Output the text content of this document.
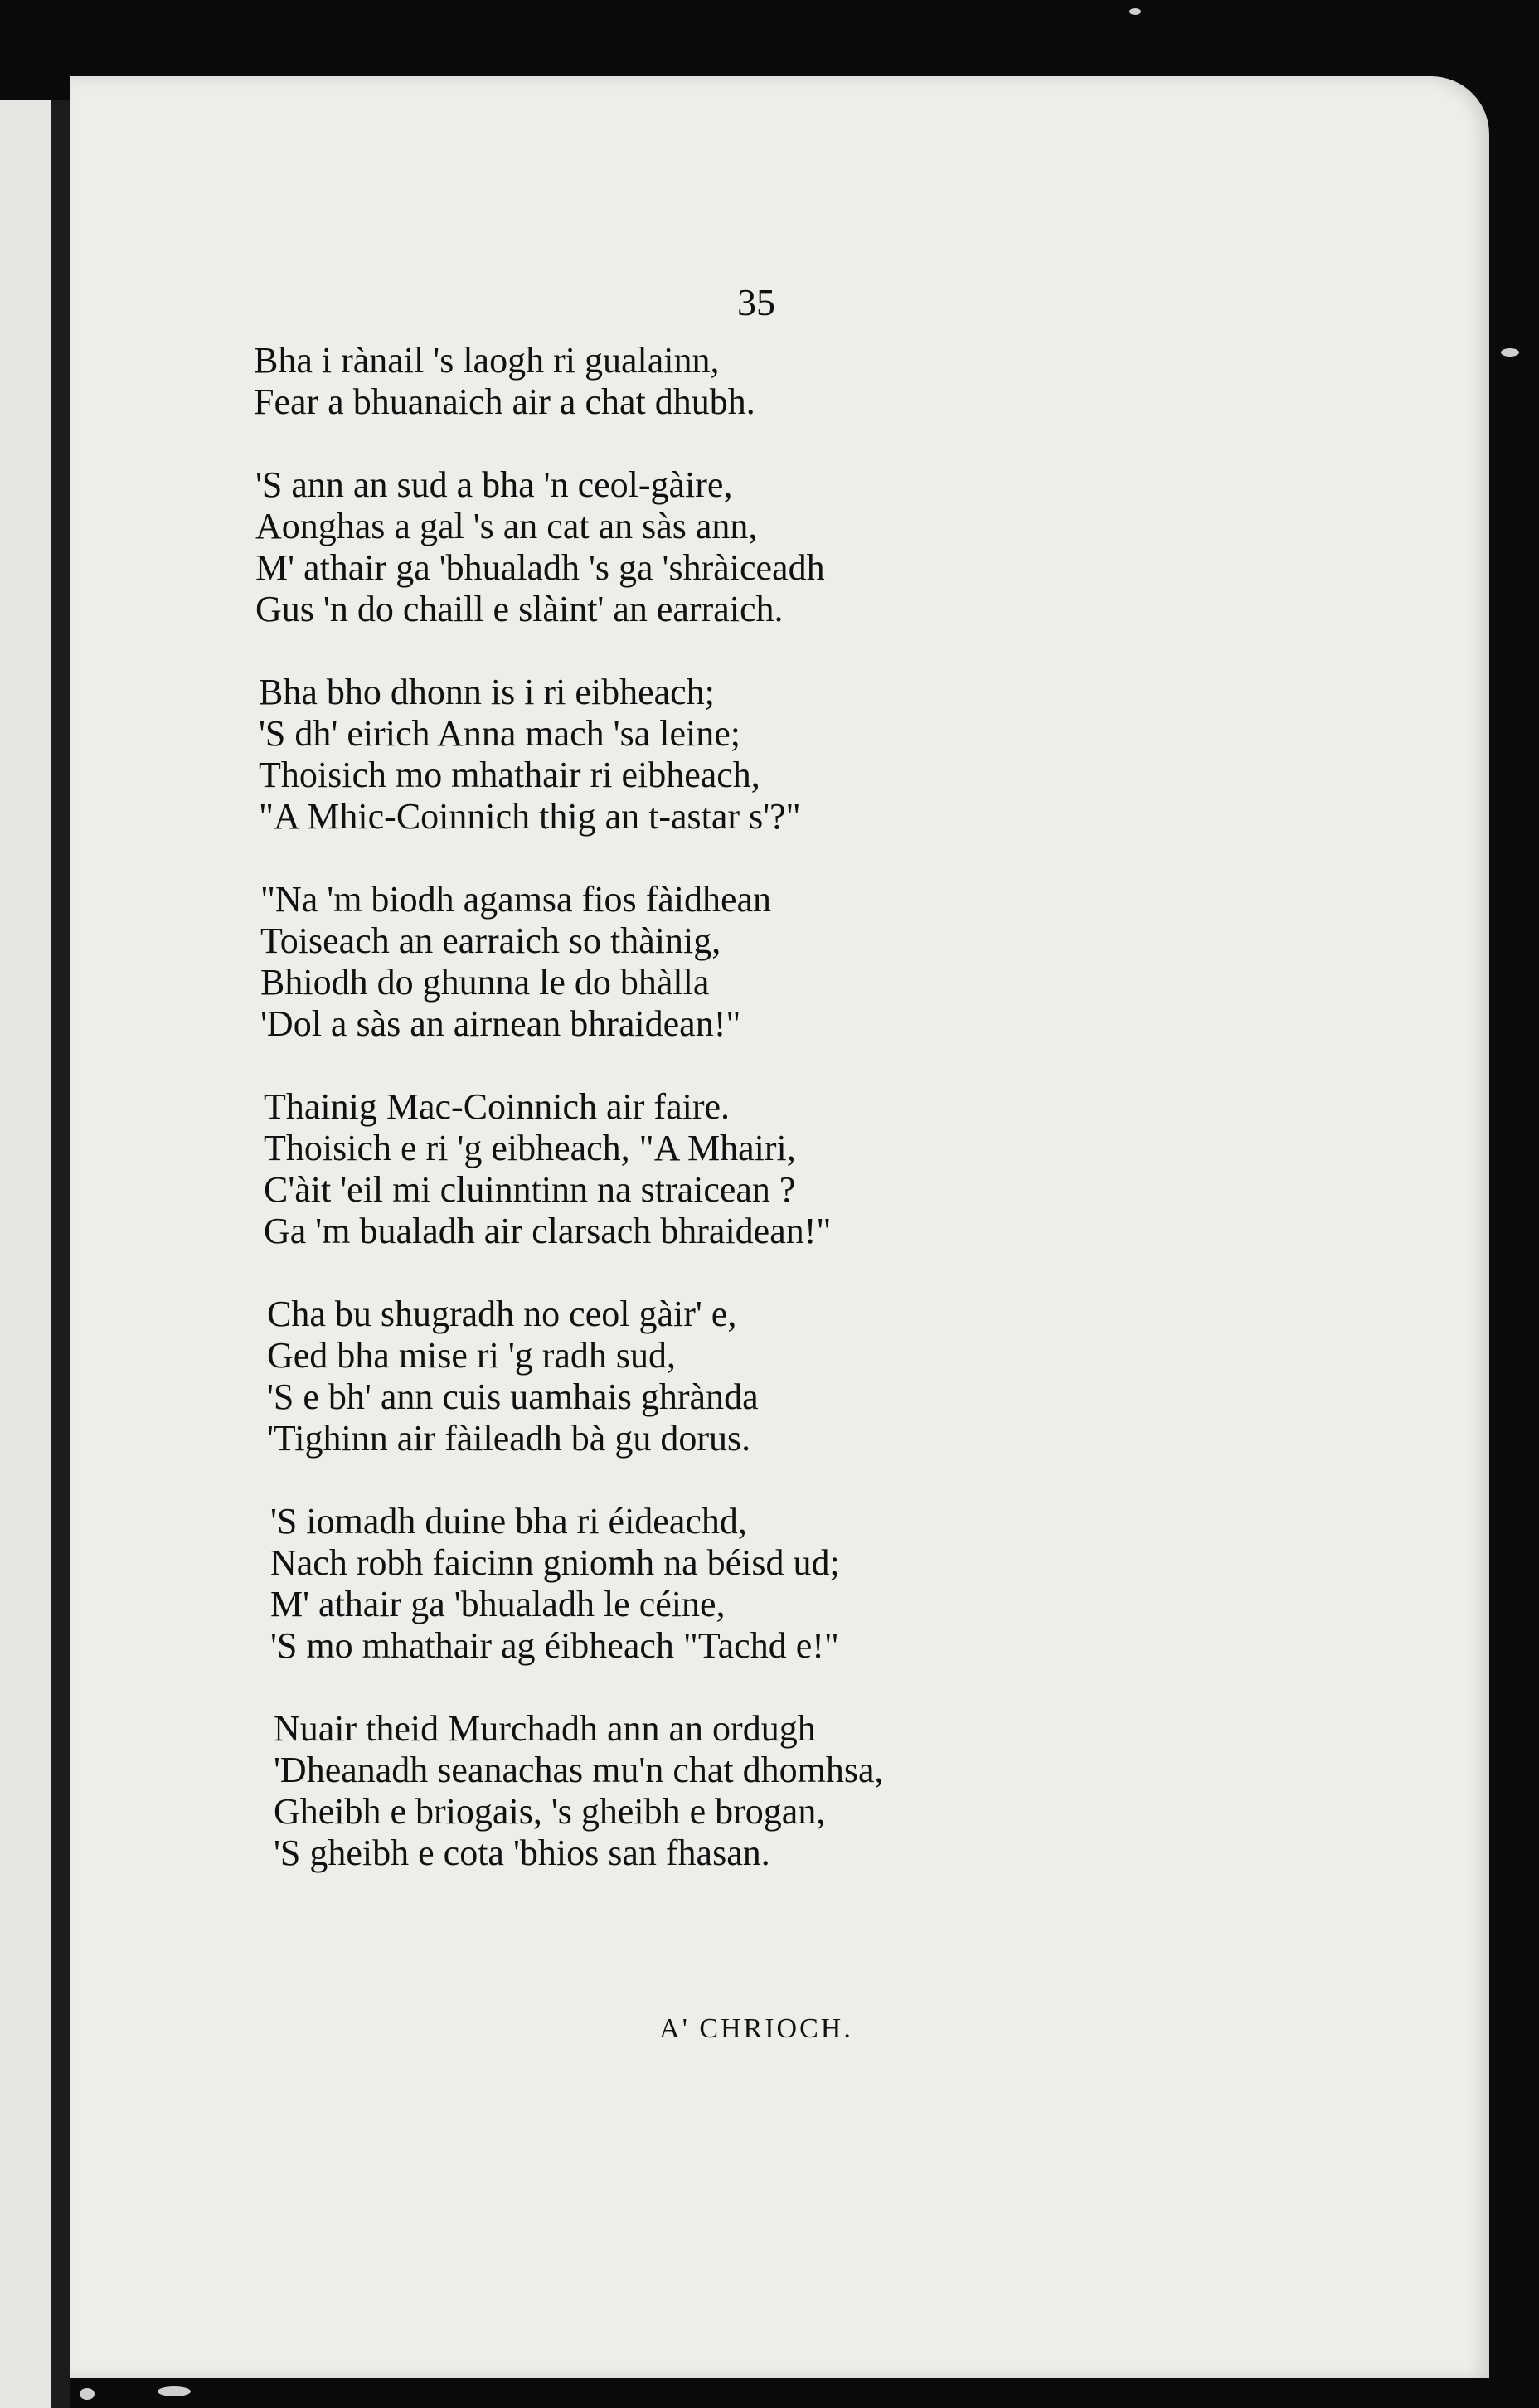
35
Bha i rànail 's laogh ri gualainn,
Fear a bhuanaich air a chat dhubh.
'S ann an sud a bha 'n ceol-gàire,
Aonghas a gal 's an cat an sàs ann,
M' athair ga 'bhualadh 's ga 'shràiceadh
Gus 'n do chaill e slàint' an earraich.
Bha bho dhonn is i ri eibheach;
'S dh' eirich Anna mach 'sa leine;
Thoisich mo mhathair ri eibheach,
"A Mhic-Coinnich thig an t-astar s'?"
"Na 'm biodh agamsa fios fàidhean
Toiseach an earraich so thàinig,
Bhiodh do ghunna le do bhàlla
'Dol a sàs an airnean bhraidean!"
Thainig Mac-Coinnich air faire.
Thoisich e ri 'g eibheach, "A Mhairi,
C'àit 'eil mi cluinntinn na straicean ?
Ga 'm bualadh air clarsach bhraidean!"
Cha bu shugradh no ceol gàir' e,
Ged bha mise ri 'g radh sud,
'S e bh' ann cuis uamhais ghrànda
'Tighinn air fàileadh bà gu dorus.
'S iomadh duine bha ri éideachd,
Nach robh faicinn gniomh na béisd ud;
M' athair ga 'bhualadh le céine,
'S mo mhathair ag éibheach "Tachd e!"
Nuair theid Murchadh ann an ordugh
'Dheanadh seanachas mu'n chat dhomhsa,
Gheibh e briogais, 's gheibh e brogan,
'S gheibh e cota 'bhios san fhasan.
A' CHRIOCH.
